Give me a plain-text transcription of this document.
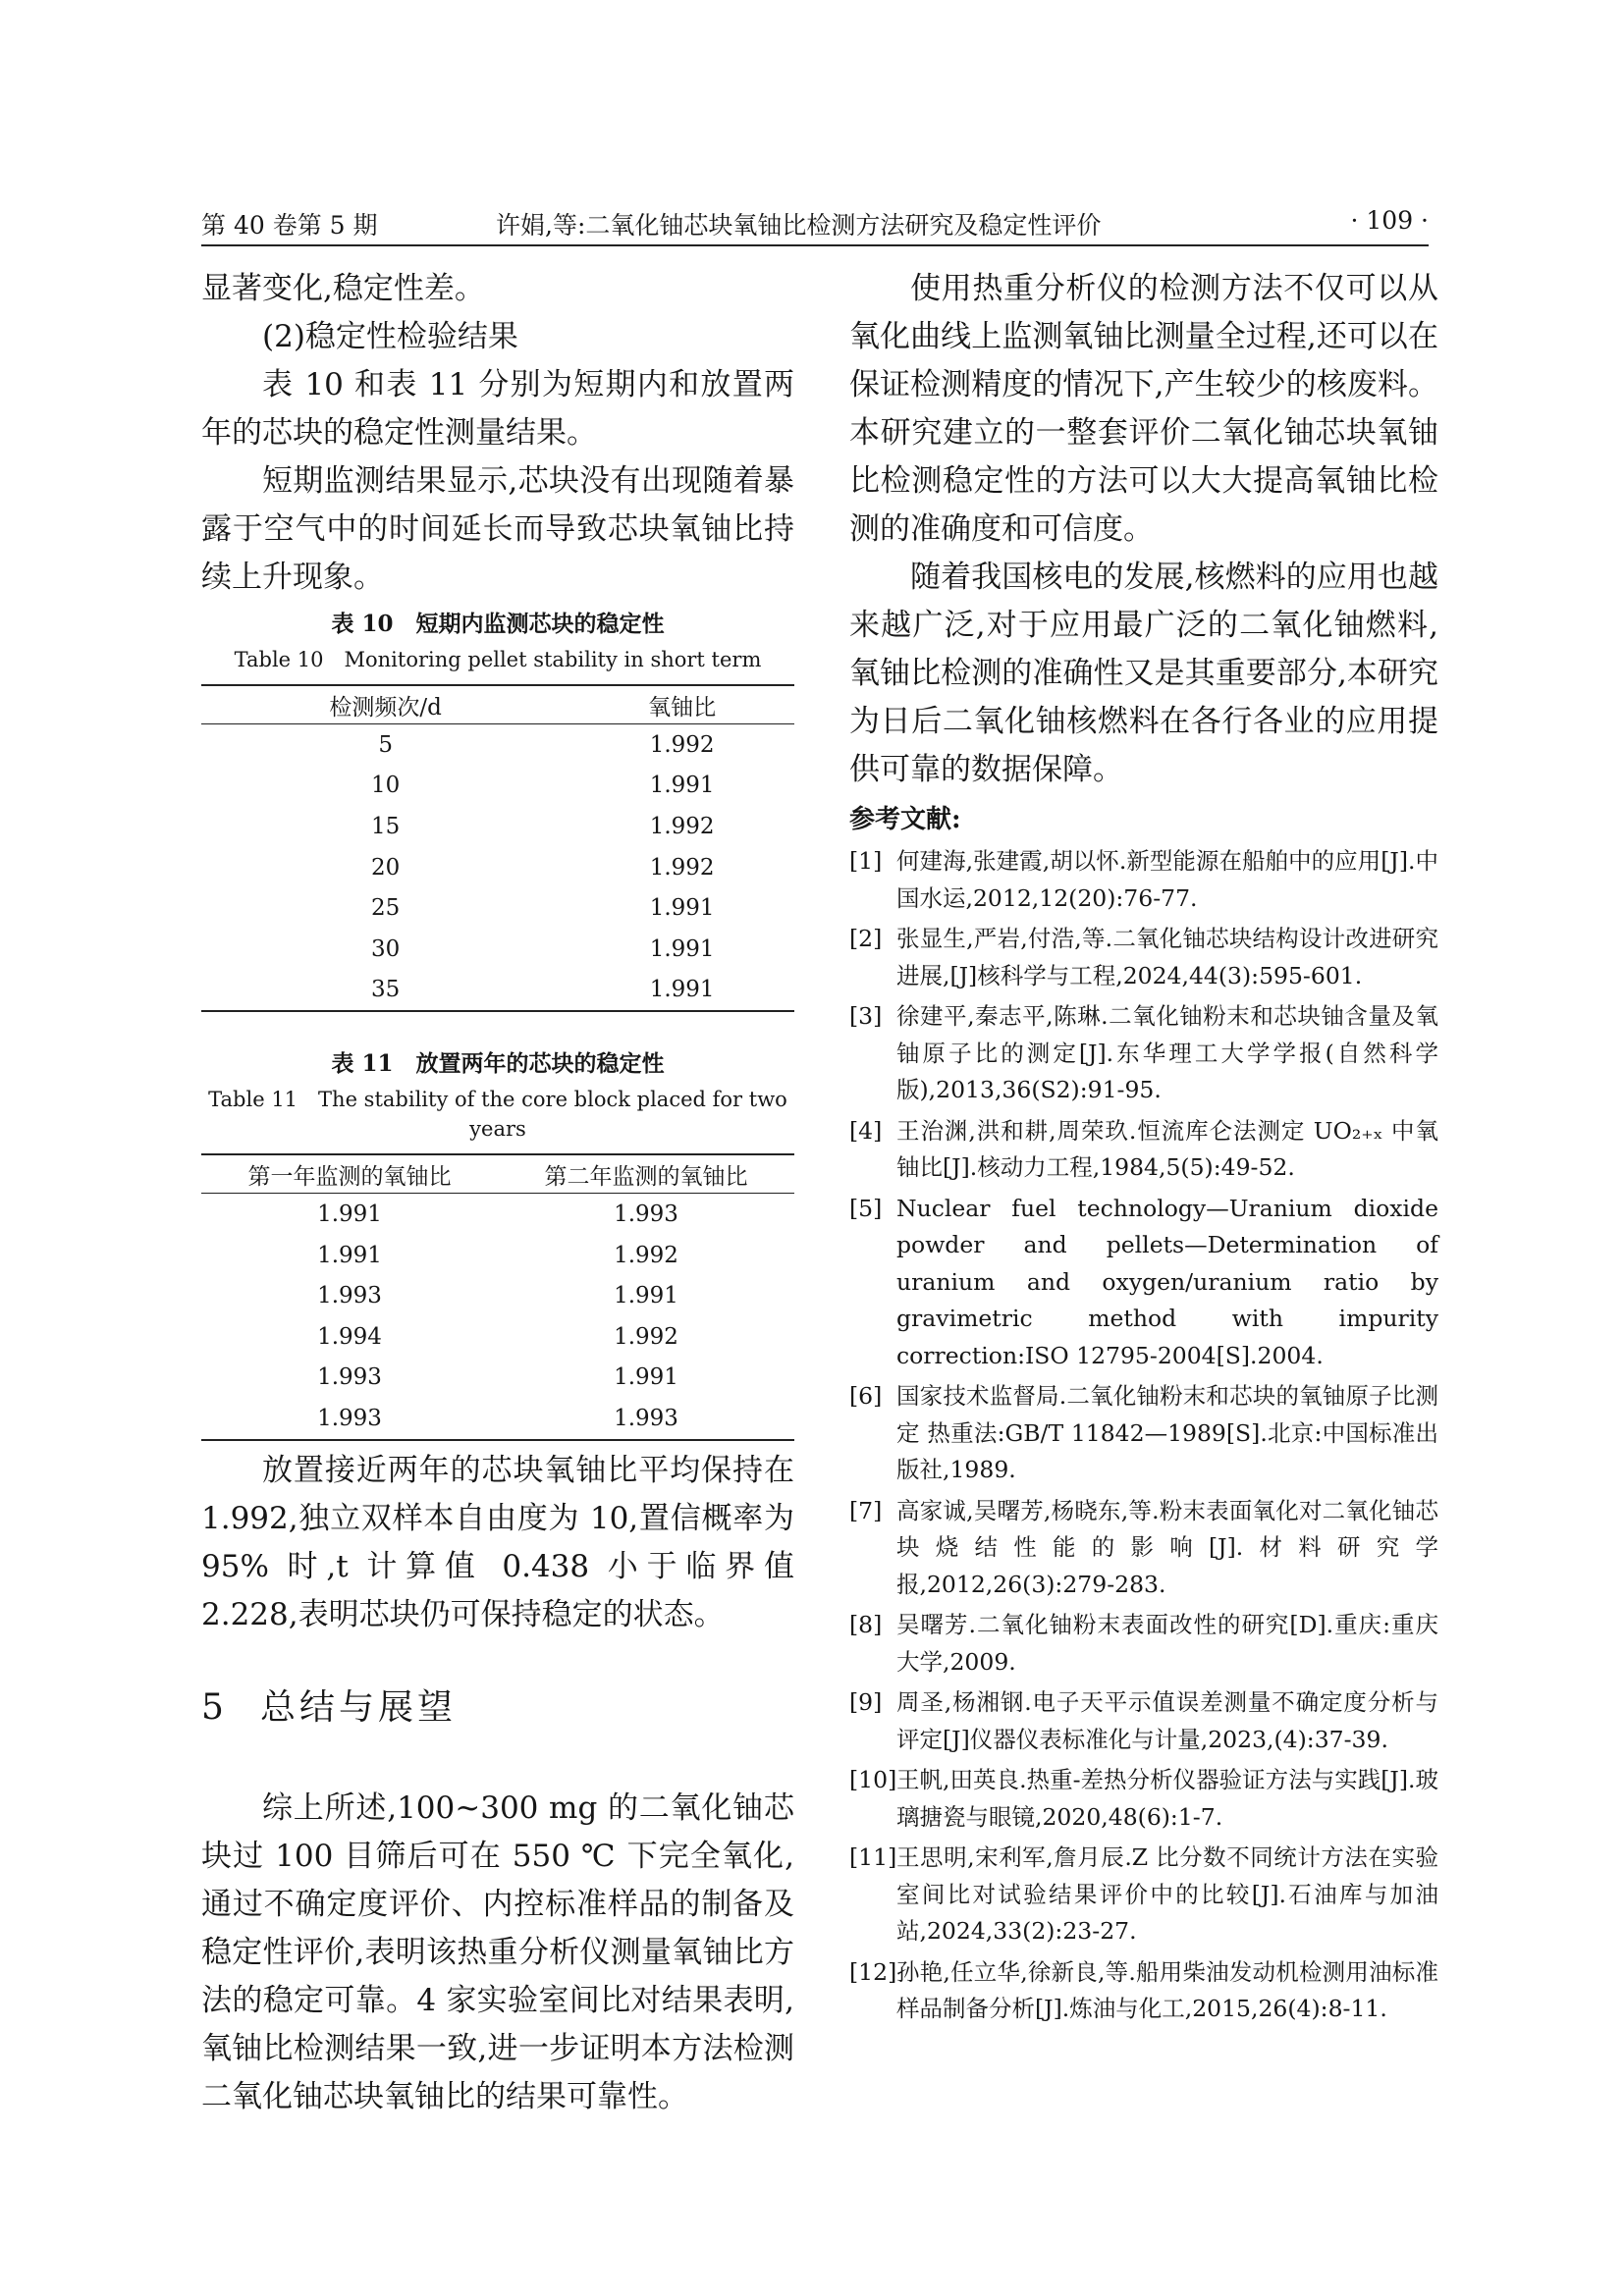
第 40 卷第 5 期	许娟,等:二氧化铀芯块氧铀比检测方法研究及稳定性评价	· 109 ·

显著变化,稳定性差。

(2)稳定性检验结果

表 10 和表 11 分别为短期内和放置两年的芯块的稳定性测量结果。

短期监测结果显示,芯块没有出现随着暴露于空气中的时间延长而导致芯块氧铀比持续上升现象。

表 10　短期内监测芯块的稳定性
Table 10　Monitoring pellet stability in short term
检测频次/d	氧铀比
5	1.992
10	1.991
15	1.992
20	1.992
25	1.991
30	1.991
35	1.991
表 11　放置两年的芯块的稳定性
Table 11　The stability of the core block placed for two years
第一年监测的氧铀比	第二年监测的氧铀比
1.991	1.993
1.991	1.992
1.993	1.991
1.994	1.992
1.993	1.991
1.993	1.993

放置接近两年的芯块氧铀比平均保持在 1.992,独立双样本自由度为 10,置信概率为 95% 时,t 计算值 0.438 小于临界值 2.228,表明芯块仍可保持稳定的状态。

5 总结与展望

综上所述,100~300 mg 的二氧化铀芯块过 100 目筛后可在 550 ℃ 下完全氧化,通过不确定度评价、内控标准样品的制备及稳定性评价,表明该热重分析仪测量氧铀比方法的稳定可靠。4 家实验室间比对结果表明,氧铀比检测结果一致,进一步证明本方法检测二氧化铀芯块氧铀比的结果可靠性。

使用热重分析仪的检测方法不仅可以从氧化曲线上监测氧铀比测量全过程,还可以在保证检测精度的情况下,产生较少的核废料。本研究建立的一整套评价二氧化铀芯块氧铀比检测稳定性的方法可以大大提高氧铀比检测的准确度和可信度。

随着我国核电的发展,核燃料的应用也越来越广泛,对于应用最广泛的二氧化铀燃料,氧铀比检测的准确性又是其重要部分,本研究为日后二氧化铀核燃料在各行各业的应用提供可靠的数据保障。

参考文献:
[1] 何建海,张建霞,胡以怀.新型能源在船舶中的应用[J].中国水运,2012,12(20):76-77.
[2] 张显生,严岩,付浩,等.二氧化铀芯块结构设计改进研究进展,[J]核科学与工程,2024,44(3):595-601.
[3] 徐建平,秦志平,陈琳.二氧化铀粉末和芯块铀含量及氧铀原子比的测定[J].东华理工大学学报(自然科学版),2013,36(S2):91-95.
[4] 王治渊,洪和耕,周荣玖.恒流库仑法测定 UO₂₊ₓ 中氧铀比[J].核动力工程,1984,5(5):49-52.
[5] Nuclear fuel technology—Uranium dioxide powder and pellets—Determination of uranium and oxygen/uranium ratio by gravimetric method with impurity correction:ISO 12795-2004[S].2004.
[6] 国家技术监督局.二氧化铀粉末和芯块的氧铀原子比测定 热重法:GB/T 11842—1989[S].北京:中国标准出版社,1989.
[7] 高家诚,吴曙芳,杨晓东,等.粉末表面氧化对二氧化铀芯块烧结性能的影响[J].材料研究学报,2012,26(3):279-283.
[8] 吴曙芳.二氧化铀粉末表面改性的研究[D].重庆:重庆大学,2009.
[9] 周圣,杨湘钢.电子天平示值误差测量不确定度分析与评定[J]仪器仪表标准化与计量,2023,(4):37-39.
[10] 王帆,田英良.热重-差热分析仪器验证方法与实践[J].玻璃搪瓷与眼镜,2020,48(6):1-7.
[11] 王思明,宋利军,詹月辰.Z 比分数不同统计方法在实验室间比对试验结果评价中的比较[J].石油库与加油站,2024,33(2):23-27.
[12] 孙艳,任立华,徐新良,等.船用柴油发动机检测用油标准样品制备分析[J].炼油与化工,2015,26(4):8-11.
